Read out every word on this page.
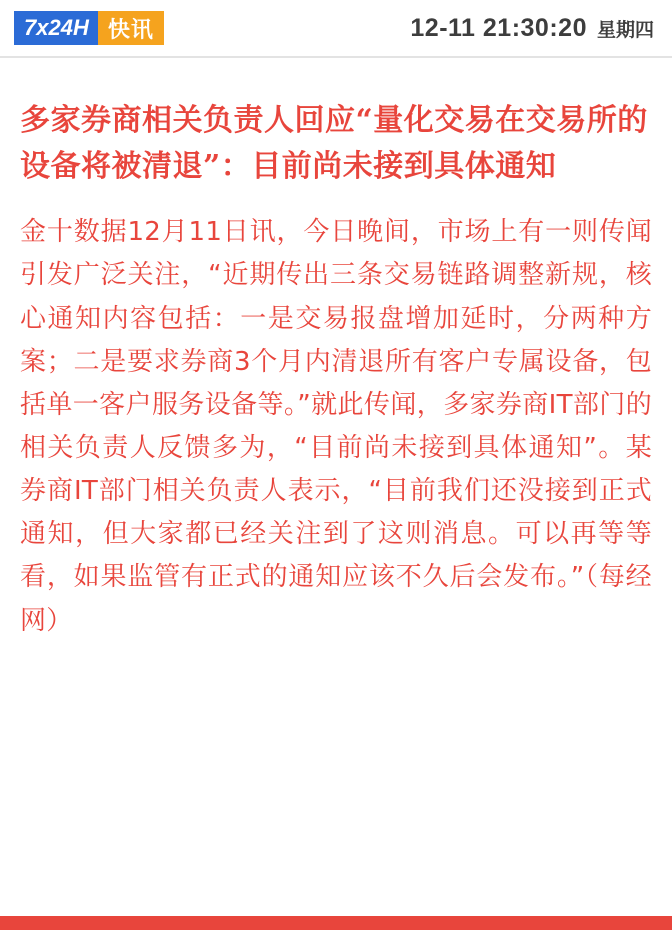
7x24H 快讯	12-11 21:30:20 星期四
多家券商相关负责人回应“量化交易在交易所的设备将被清退”：目前尚未接到具体通知

金十数据12月11日讯，今日晚间，市场上有一则传闻引发广泛关注，“近期传出三条交易链路调整新规，核心通知内容包括：一是交易报盘增加延时，分两种方案；二是要求券商3个月内清退所有客户专属设备，包括单一客户服务设备等。”就此传闻，多家券商IT部门的相关负责人反馈多为，“目前尚未接到具体通知”。某券商IT部门相关负责人表示，“目前我们还没接到正式通知，但大家都已经关注到了这则消息。可以再等等看，如果监管有正式的通知应该不久后会发布。”（每经网）
